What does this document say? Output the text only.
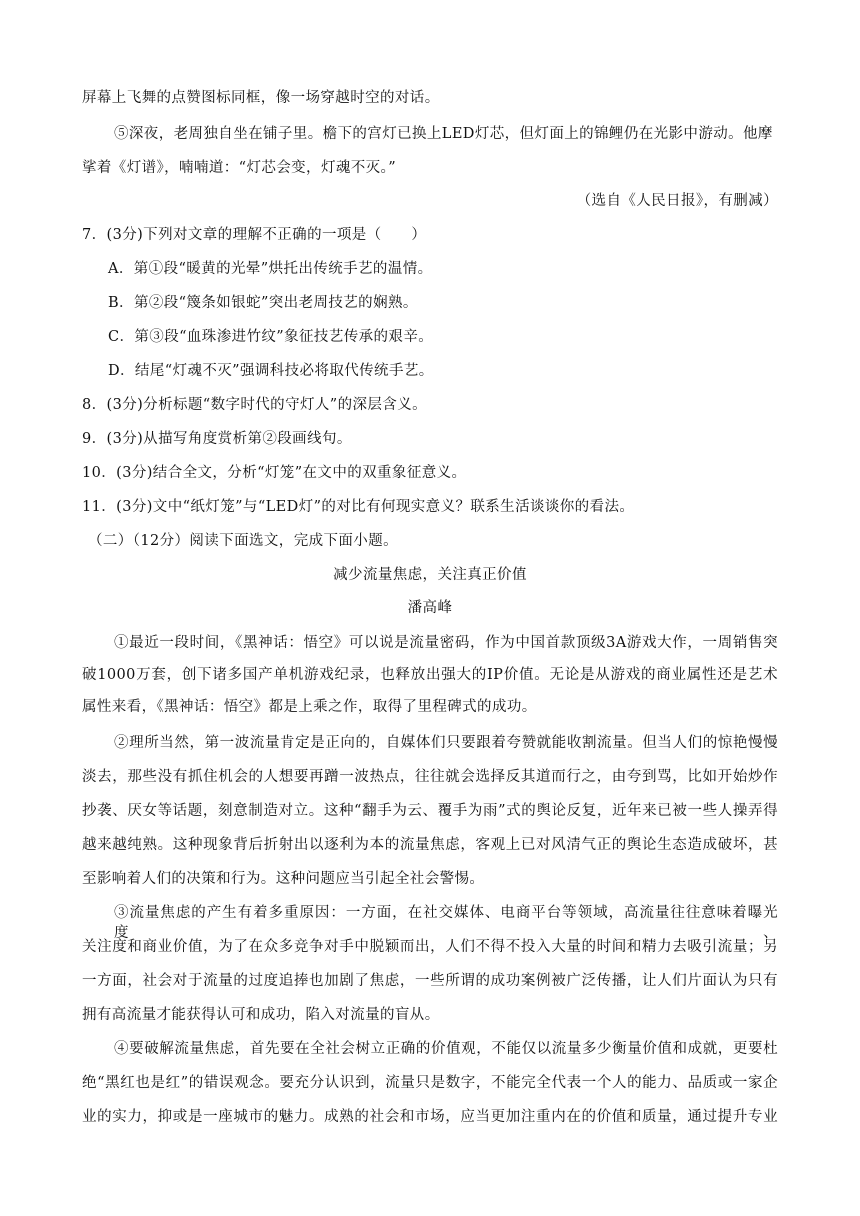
屏幕上飞舞的点赞图标同框，像一场穿越时空的对话。
⑤深夜，老周独自坐在铺子里。檐下的宫灯已换上LED灯芯，但灯面上的锦鲤仍在光影中游动。他摩
挲着《灯谱》，喃喃道：“灯芯会变，灯魂不灭。”
（选自《人民日报》，有删减）
7．(3分)下列对文章的理解不正确的一项是（　　）
A．第①段“暖黄的光晕”烘托出传统手艺的温情。
B．第②段“篾条如银蛇”突出老周技艺的娴熟。
C．第③段“血珠渗进竹纹”象征技艺传承的艰辛。
D．结尾“灯魂不灭”强调科技必将取代传统手艺。
8．(3分)分析标题“数字时代的守灯人”的深层含义。
9．(3分)从描写角度赏析第②段画线句。
10．(3分)结合全文，分析“灯笼”在文中的双重象征意义。
11．(3分)文中“纸灯笼”与“LED灯”的对比有何现实意义？联系生活谈谈你的看法。
（二）（12分）阅读下面选文，完成下面小题。
减少流量焦虑，关注真正价值
潘高峰
①最近一段时间，《黑神话：悟空》可以说是流量密码，作为中国首款顶级3A游戏大作，一周销售突
破1000万套，创下诸多国产单机游戏纪录，也释放出强大的IP价值。无论是从游戏的商业属性还是艺术
属性来看，《黑神话：悟空》都是上乘之作，取得了里程碑式的成功。
②理所当然，第一波流量肯定是正向的，自媒体们只要跟着夸赞就能收割流量。但当人们的惊艳慢慢
淡去，那些没有抓住机会的人想要再蹭一波热点，往往就会选择反其道而行之，由夸到骂，比如开始炒作
抄袭、厌女等话题，刻意制造对立。这种“翻手为云、覆手为雨”式的舆论反复，近年来已被一些人操弄得
越来越纯熟。这种现象背后折射出以逐利为本的流量焦虑，客观上已对风清气正的舆论生态造成破坏，甚
至影响着人们的决策和行为。这种问题应当引起全社会警惕。
③流量焦虑的产生有着多重原因：一方面，在社交媒体、电商平台等领域，高流量往往意味着曝光度、
关注度和商业价值，为了在众多竞争对手中脱颖而出，人们不得不投入大量的时间和精力去吸引流量；另
一方面，社会对于流量的过度追捧也加剧了焦虑，一些所谓的成功案例被广泛传播，让人们片面认为只有
拥有高流量才能获得认可和成功，陷入对流量的盲从。
④要破解流量焦虑，首先要在全社会树立正确的价值观，不能仅以流量多少衡量价值和成就，更要杜
绝“黑红也是红”的错误观念。要充分认识到，流量只是数字，不能完全代表一个人的能力、品质或一家企
业的实力，抑或是一座城市的魅力。成熟的社会和市场，应当更加注重内在的价值和质量，通过提升专业
